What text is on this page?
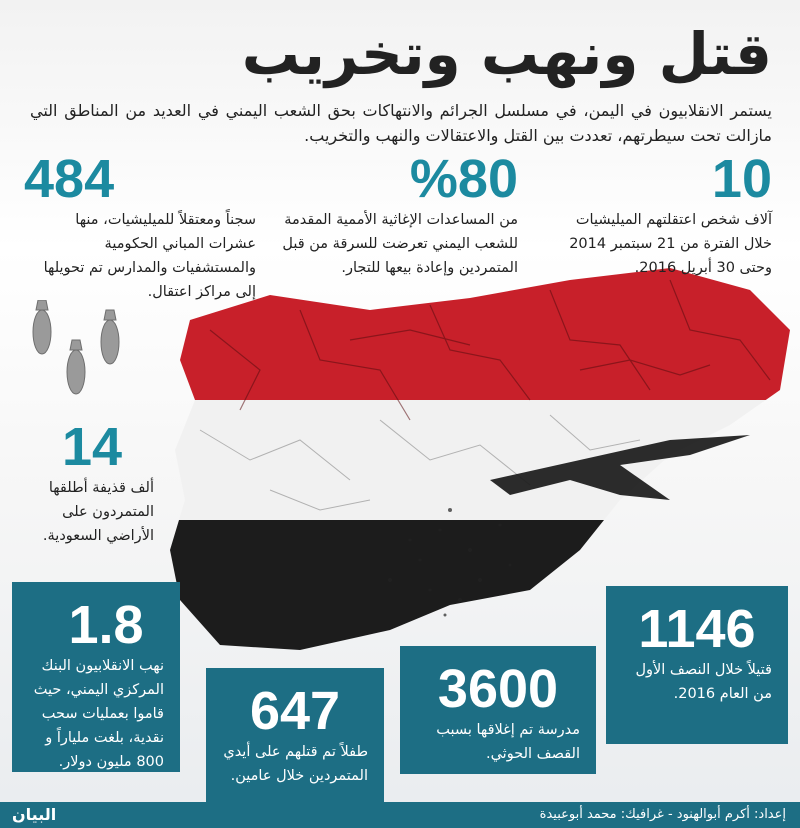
قتل ونهب وتخريب

يستمر الانقلابيون في اليمن، في مسلسل الجرائم والانتهاكات بحق الشعب اليمني في العديد من المناطق التي مازالت تحت سيطرتهم، تعددت بين القتل والاعتقالات والنهب والتخريب.

10
آلاف شخص اعتقلتهم الميليشيات خلال الفترة من 21 سبتمبر 2014 وحتى 30 أبريل 2016.
%80
من المساعدات الإغاثية الأممية المقدمة للشعب اليمني تعرضت للسرقة من قبل المتمردين وإعادة بيعها للتجار.
484
سجناً ومعتقلاً للميليشيات، منها عشرات المباني الحكومية والمستشفيات والمدارس تم تحويلها إلى مراكز اعتقال.
14
ألف قذيفة أطلقها المتمردون على الأراضي السعودية.
1.8
نهب الانقلابيون البنك المركزي اليمني، حيث قاموا بعمليات سحب نقدية، بلغت ملياراً و 800 مليون دولار.
647
طفلاً تم قتلهم على أيدي المتمردين خلال عامين.
3600
مدرسة تم إغلاقها بسبب القصف الحوثي.
1146
قتيلاً خلال النصف الأول من العام 2016.
إعداد: أكرم أبوالهنود - غرافيك: محمد أبوعبيدة
البيان
